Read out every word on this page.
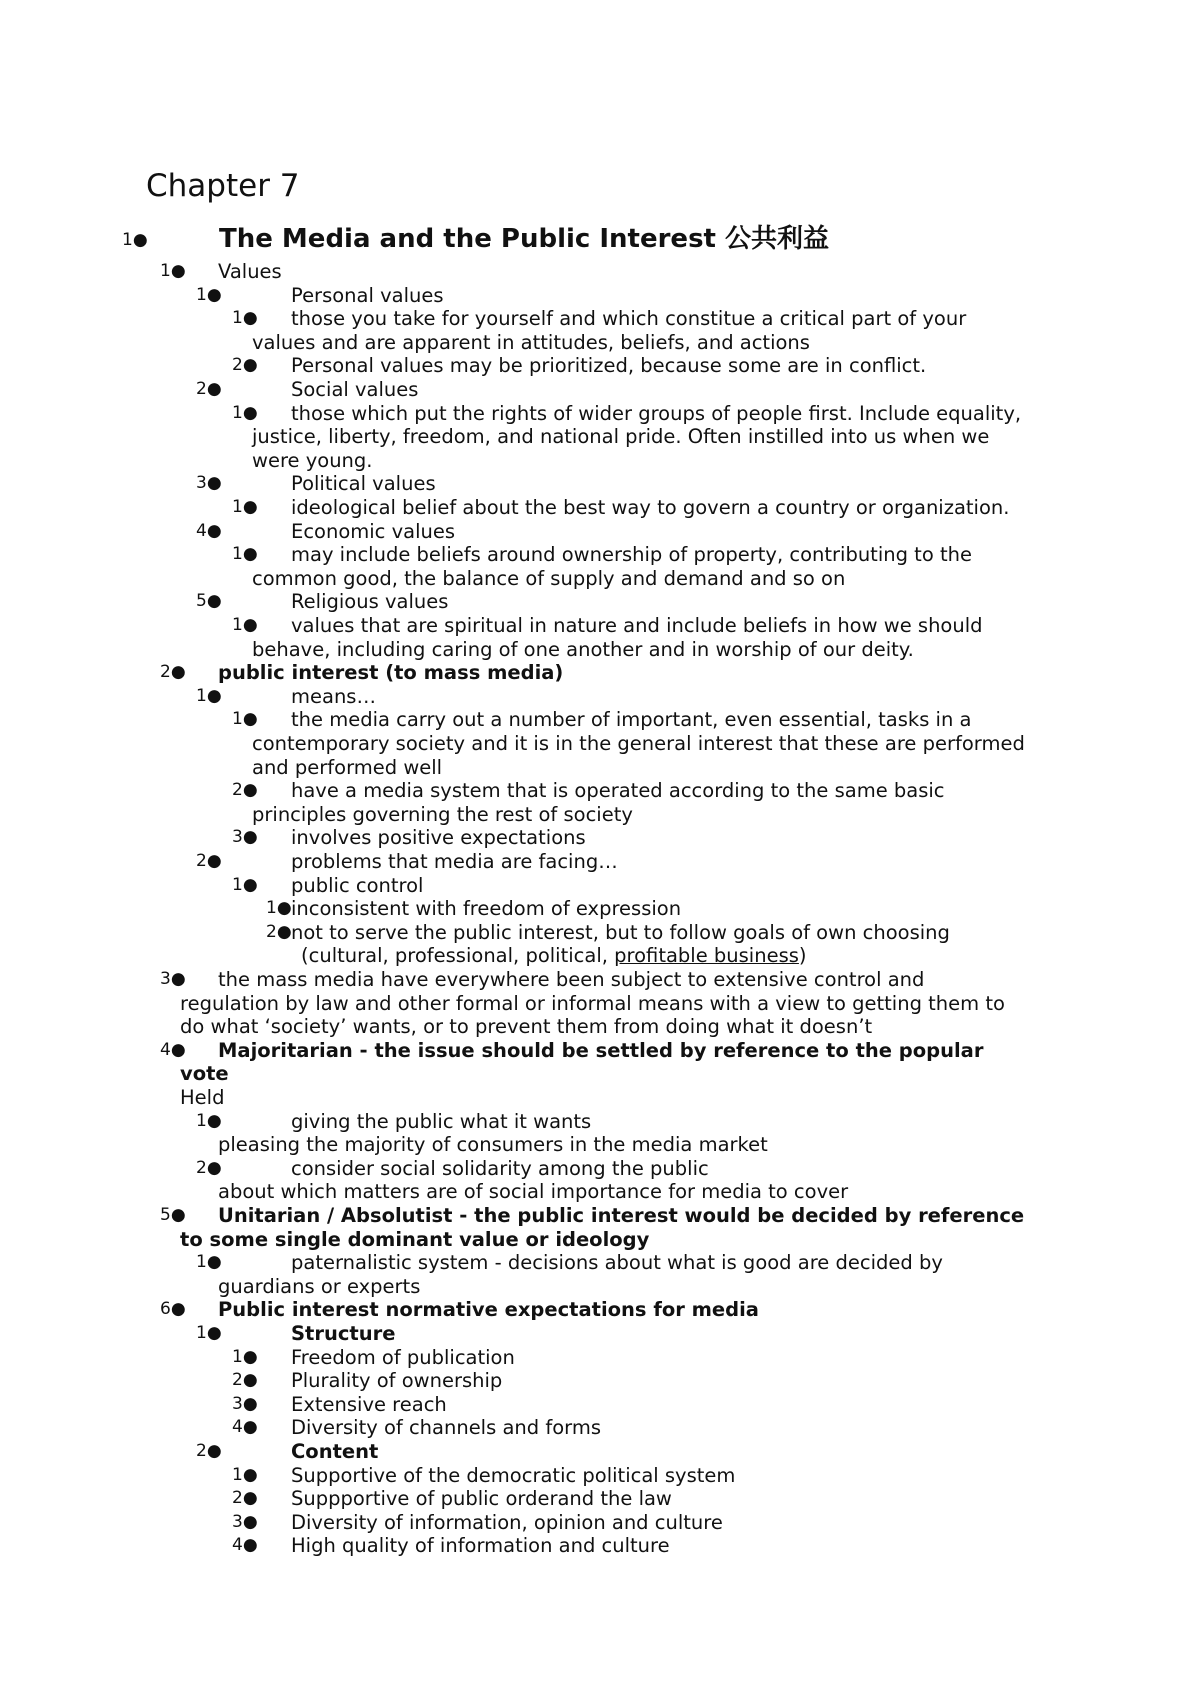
Chapter 7
1●	The Media and the Public Interest 公共利益
1● Values
1●	Personal values
1● those you take for yourself and which constitue a critical part of your
values and are apparent in attitudes, beliefs, and actions
2● Personal values may be prioritized, because some are in conflict.
2●	Social values
1● those which put the rights of wider groups of people first. Include equality,
justice, liberty, freedom, and national pride. Often instilled into us when we
were young.
3●	Political values
1● ideological belief about the best way to govern a country or organization.
4●	Economic values
1● may include beliefs around ownership of property, contributing to the
common good, the balance of supply and demand and so on
5●	Religious values
1● values that are spiritual in nature and include beliefs in how we should
behave, including caring of one another and in worship of our deity.
2● public interest (to mass media)
1●	means…
1● the media carry out a number of important, even essential, tasks in a
contemporary society and it is in the general interest that these are performed
and performed well
2● have a media system that is operated according to the same basic
principles governing the rest of society
3● involves positive expectations
2●	problems that media are facing…
1● public control
1● inconsistent with freedom of expression
2● not to serve the public interest, but to follow goals of own choosing
(cultural, professional, political, profitable business)
3● the mass media have everywhere been subject to extensive control and
regulation by law and other formal or informal means with a view to getting them to
do what ‘society’ wants, or to prevent them from doing what it doesn’t
4● Majoritarian - the issue should be settled by reference to the popular
vote
Held
1●	giving the public what it wants
pleasing the majority of consumers in the media market
2●	consider social solidarity among the public
about which matters are of social importance for media to cover
5● Unitarian / Absolutist - the public interest would be decided by reference
to some single dominant value or ideology
1●	paternalistic system - decisions about what is good are decided by
guardians or experts
6● Public interest normative expectations for media
1●	Structure
1● Freedom of publication
2● Plurality of ownership
3● Extensive reach
4● Diversity of channels and forms
2●	Content
1● Supportive of the democratic political system
2● Suppportive of public orderand the law
3● Diversity of information, opinion and culture
4● High quality of information and culture
